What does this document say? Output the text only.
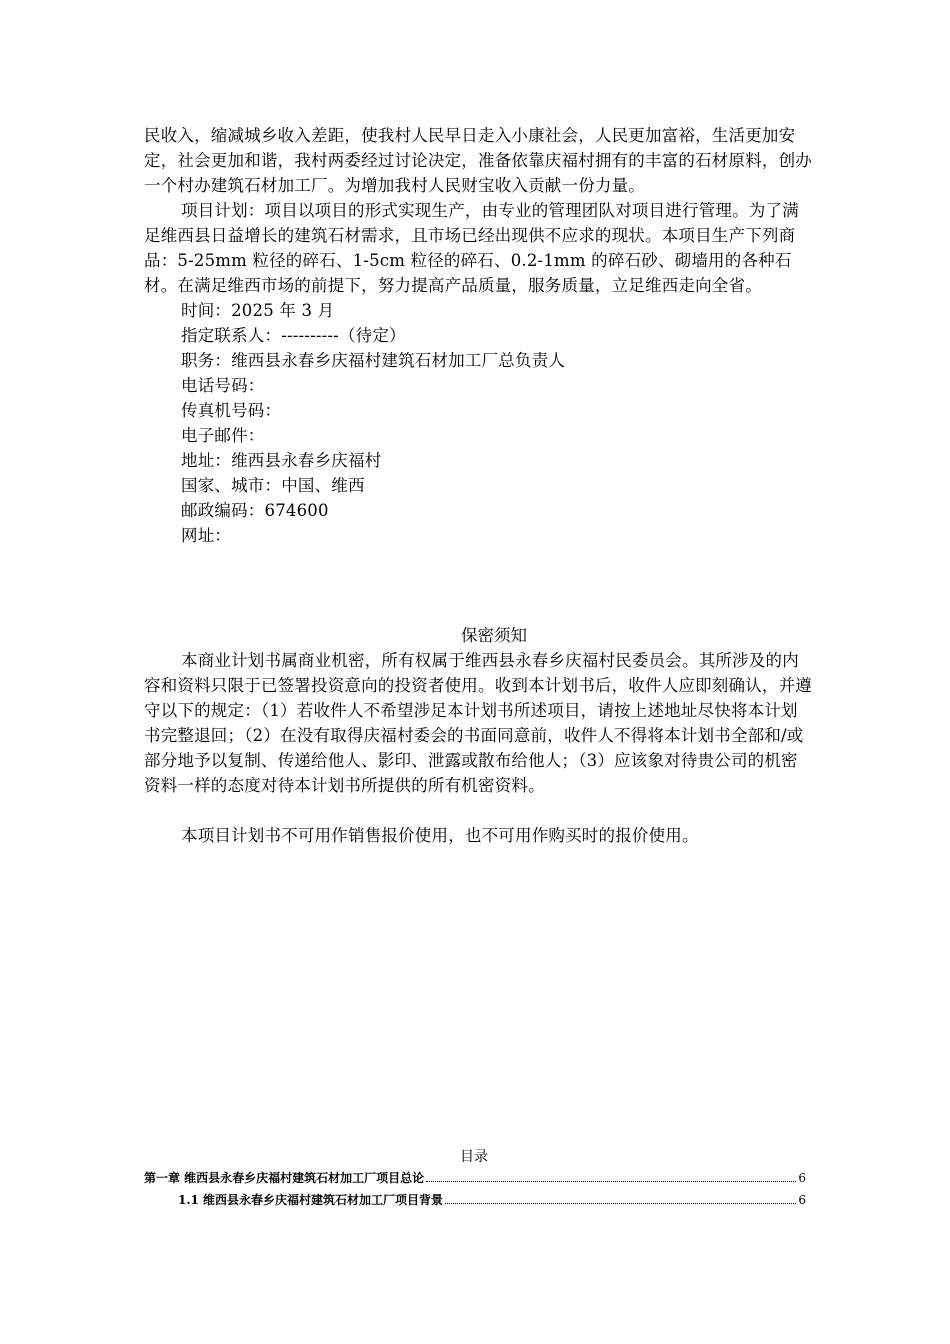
民收入，缩减城乡收入差距，使我村人民早日走入小康社会，人民更加富裕，生活更加安定，社会更加和谐，我村两委经过讨论决定，准备依靠庆福村拥有的丰富的石材原料，创办一个村办建筑石材加工厂。为增加我村人民财宝收入贡献一份力量。

项目计划：项目以项目的形式实现生产，由专业的管理团队对项目进行管理。为了满足维西县日益增长的建筑石材需求，且市场已经出现供不应求的现状。本项目生产下列商品：5-25mm 粒径的碎石、1-5cm 粒径的碎石、0.2-1mm 的碎石砂、砌墙用的各种石材。在满足维西市场的前提下，努力提高产品质量，服务质量，立足维西走向全省。

时间：2025 年 3 月

指定联系人：----------（待定）

职务：维西县永春乡庆福村建筑石材加工厂总负责人

电话号码：

传真机号码：

电子邮件：

地址：维西县永春乡庆福村

国家、城市：中国、维西

邮政编码：674600

网址：

保密须知

本商业计划书属商业机密，所有权属于维西县永春乡庆福村民委员会。其所涉及的内容和资料只限于已签署投资意向的投资者使用。收到本计划书后，收件人应即刻确认，并遵守以下的规定：（1）若收件人不希望涉足本计划书所述项目，请按上述地址尽快将本计划书完整退回；（2）在没有取得庆福村委会的书面同意前，收件人不得将本计划书全部和/或部分地予以复制、传递给他人、影印、泄露或散布给他人；（3）应该象对待贵公司的机密资料一样的态度对待本计划书所提供的所有机密资料。

本项目计划书不可用作销售报价使用，也不可用作购买时的报价使用。

目录
第一章 维西县永春乡庆福村建筑石材加工厂项目总论	6
1.1 维西县永春乡庆福村建筑石材加工厂项目背景	6
